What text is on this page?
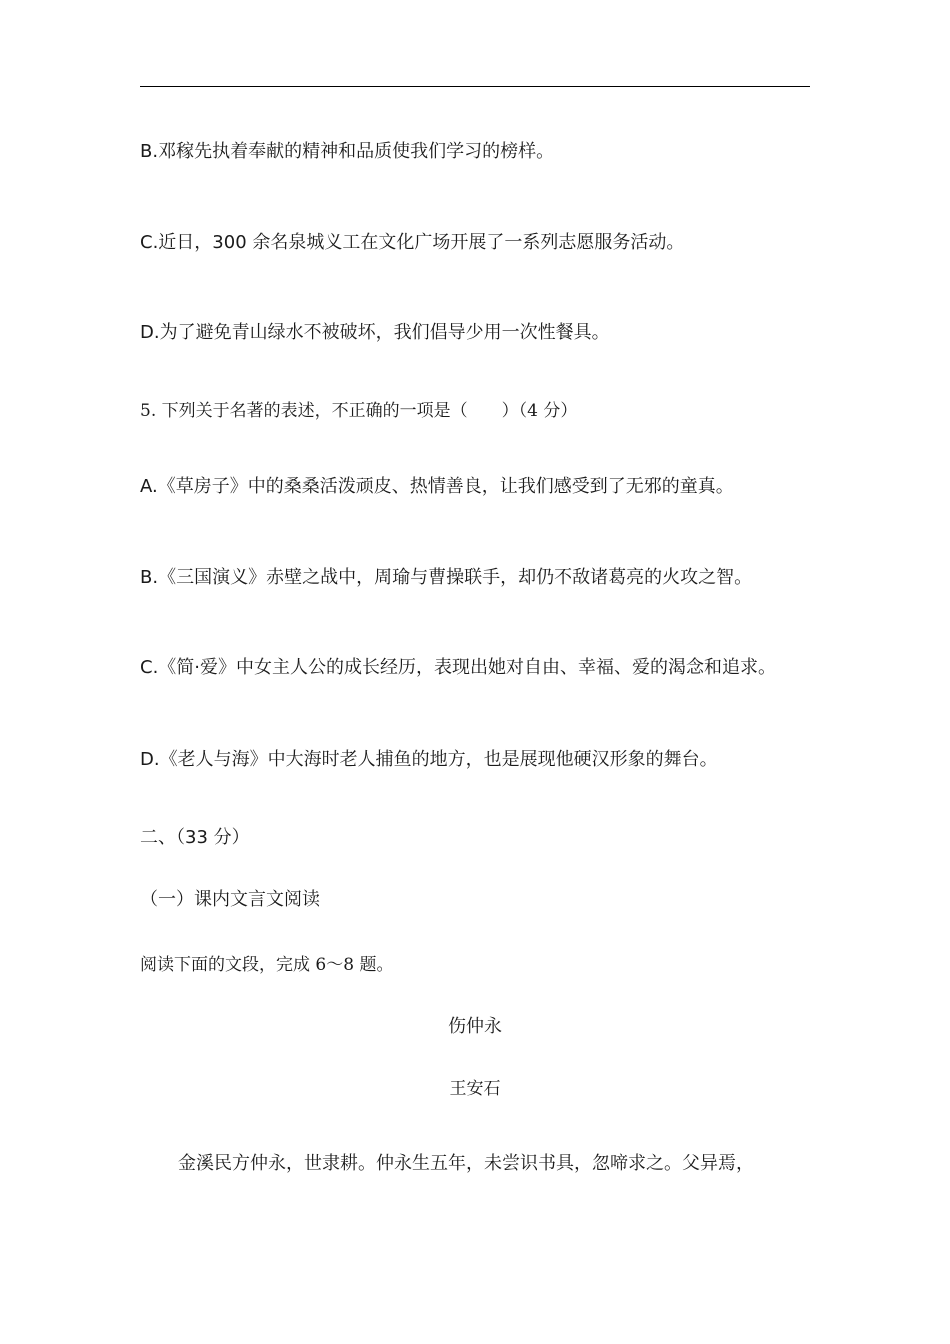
B.邓稼先执着奉献的精神和品质使我们学习的榜样。
C.近日，300 余名泉城义工在文化广场开展了一系列志愿服务活动。
D.为了避免青山绿水不被破坏，我们倡导少用一次性餐具。
5. 下列关于名著的表述，不正确的一项是（　　）（4 分）
A.《草房子》中的桑桑活泼顽皮、热情善良，让我们感受到了无邪的童真。
B.《三国演义》赤壁之战中，周瑜与曹操联手，却仍不敌诸葛亮的火攻之智。
C.《简·爱》中女主人公的成长经历，表现出她对自由、幸福、爱的渴念和追求。
D.《老人与海》中大海时老人捕鱼的地方，也是展现他硬汉形象的舞台。
二、（33 分）
（一）课内文言文阅读
阅读下面的文段，完成 6～8 题。
伤仲永
王安石
金溪民方仲永，世隶耕。仲永生五年，未尝识书具，忽啼求之。父异焉，
